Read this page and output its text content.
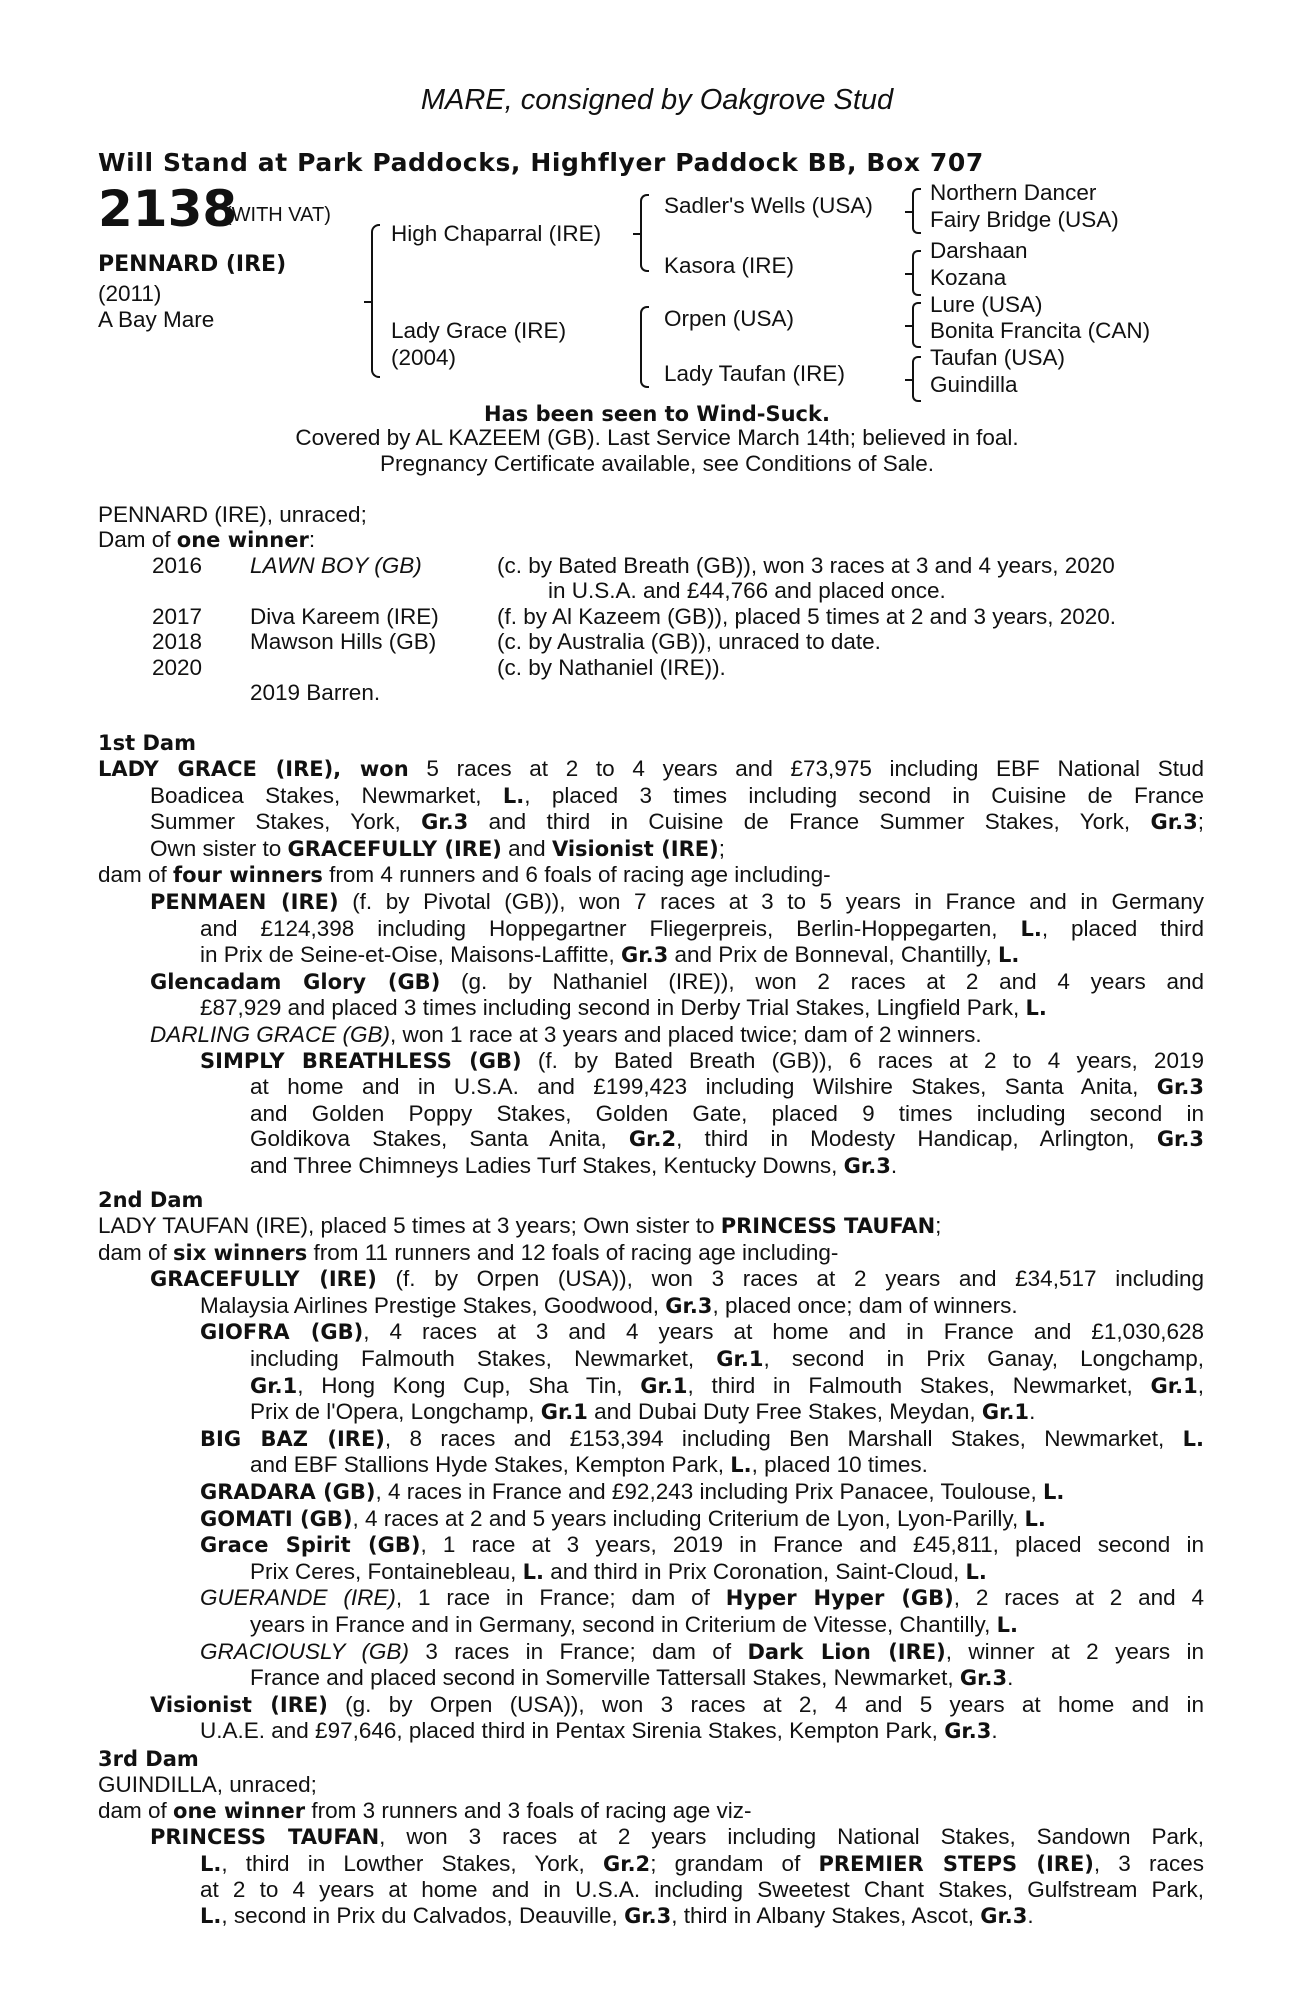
MARE, consigned by Oakgrove Stud
Will Stand at Park Paddocks, Highflyer Paddock BB, Box 707
2138
(WITH VAT)
PENNARD (IRE)
(2011)
A Bay Mare
High Chaparral (IRE)
Lady Grace (IRE)
(2004)
Sadler's Wells (USA)
Kasora (IRE)
Orpen (USA)
Lady Taufan (IRE)
Northern Dancer
Fairy Bridge (USA)
Darshaan
Kozana
Lure (USA)
Bonita Francita (CAN)
Taufan (USA)
Guindilla
Has been seen to Wind-Suck.
Covered by AL KAZEEM (GB). Last Service March 14th; believed in foal.
Pregnancy Certificate available, see Conditions of Sale.
PENNARD (IRE), unraced;
Dam of one winner:
2016 LAWN BOY (GB)	(c. by Bated Breath (GB)), won 3 races at 3 and 4 years, 2020
in U.S.A. and £44,766 and placed once.
2017 Diva Kareem (IRE)	(f. by Al Kazeem (GB)), placed 5 times at 2 and 3 years, 2020.
2018 Mawson Hills (GB)	(c. by Australia (GB)), unraced to date.
2020	(c. by Nathaniel (IRE)).
2019 Barren.
1st Dam
LADY GRACE (IRE), won 5 races at 2 to 4 years and £73,975 including EBF National Stud
Boadicea Stakes, Newmarket, L., placed 3 times including second in Cuisine de France
Summer Stakes, York, Gr.3 and third in Cuisine de France Summer Stakes, York, Gr.3;
Own sister to GRACEFULLY (IRE) and Visionist (IRE);
dam of four winners from 4 runners and 6 foals of racing age including-
PENMAEN (IRE) (f. by Pivotal (GB)), won 7 races at 3 to 5 years in France and in Germany
and £124,398 including Hoppegartner Fliegerpreis, Berlin-Hoppegarten, L., placed third
in Prix de Seine-et-Oise, Maisons-Laffitte, Gr.3 and Prix de Bonneval, Chantilly, L.
Glencadam Glory (GB) (g. by Nathaniel (IRE)), won 2 races at 2 and 4 years and
£87,929 and placed 3 times including second in Derby Trial Stakes, Lingfield Park, L.
DARLING GRACE (GB), won 1 race at 3 years and placed twice; dam of 2 winners.
SIMPLY BREATHLESS (GB) (f. by Bated Breath (GB)), 6 races at 2 to 4 years, 2019
at home and in U.S.A. and £199,423 including Wilshire Stakes, Santa Anita, Gr.3
and Golden Poppy Stakes, Golden Gate, placed 9 times including second in
Goldikova Stakes, Santa Anita, Gr.2, third in Modesty Handicap, Arlington, Gr.3
and Three Chimneys Ladies Turf Stakes, Kentucky Downs, Gr.3.
2nd Dam
LADY TAUFAN (IRE), placed 5 times at 3 years; Own sister to PRINCESS TAUFAN;
dam of six winners from 11 runners and 12 foals of racing age including-
GRACEFULLY (IRE) (f. by Orpen (USA)), won 3 races at 2 years and £34,517 including
Malaysia Airlines Prestige Stakes, Goodwood, Gr.3, placed once; dam of winners.
GIOFRA (GB), 4 races at 3 and 4 years at home and in France and £1,030,628
including Falmouth Stakes, Newmarket, Gr.1, second in Prix Ganay, Longchamp,
Gr.1, Hong Kong Cup, Sha Tin, Gr.1, third in Falmouth Stakes, Newmarket, Gr.1,
Prix de l'Opera, Longchamp, Gr.1 and Dubai Duty Free Stakes, Meydan, Gr.1.
BIG BAZ (IRE), 8 races and £153,394 including Ben Marshall Stakes, Newmarket, L.
and EBF Stallions Hyde Stakes, Kempton Park, L., placed 10 times.
GRADARA (GB), 4 races in France and £92,243 including Prix Panacee, Toulouse, L.
GOMATI (GB), 4 races at 2 and 5 years including Criterium de Lyon, Lyon-Parilly, L.
Grace Spirit (GB), 1 race at 3 years, 2019 in France and £45,811, placed second in
Prix Ceres, Fontainebleau, L. and third in Prix Coronation, Saint-Cloud, L.
GUERANDE (IRE), 1 race in France; dam of Hyper Hyper (GB), 2 races at 2 and 4
years in France and in Germany, second in Criterium de Vitesse, Chantilly, L.
GRACIOUSLY (GB) 3 races in France; dam of Dark Lion (IRE), winner at 2 years in
France and placed second in Somerville Tattersall Stakes, Newmarket, Gr.3.
Visionist (IRE) (g. by Orpen (USA)), won 3 races at 2, 4 and 5 years at home and in
U.A.E. and £97,646, placed third in Pentax Sirenia Stakes, Kempton Park, Gr.3.
3rd Dam
GUINDILLA, unraced;
dam of one winner from 3 runners and 3 foals of racing age viz-
PRINCESS TAUFAN, won 3 races at 2 years including National Stakes, Sandown Park,
L., third in Lowther Stakes, York, Gr.2; grandam of PREMIER STEPS (IRE), 3 races
at 2 to 4 years at home and in U.S.A. including Sweetest Chant Stakes, Gulfstream Park,
L., second in Prix du Calvados, Deauville, Gr.3, third in Albany Stakes, Ascot, Gr.3.
